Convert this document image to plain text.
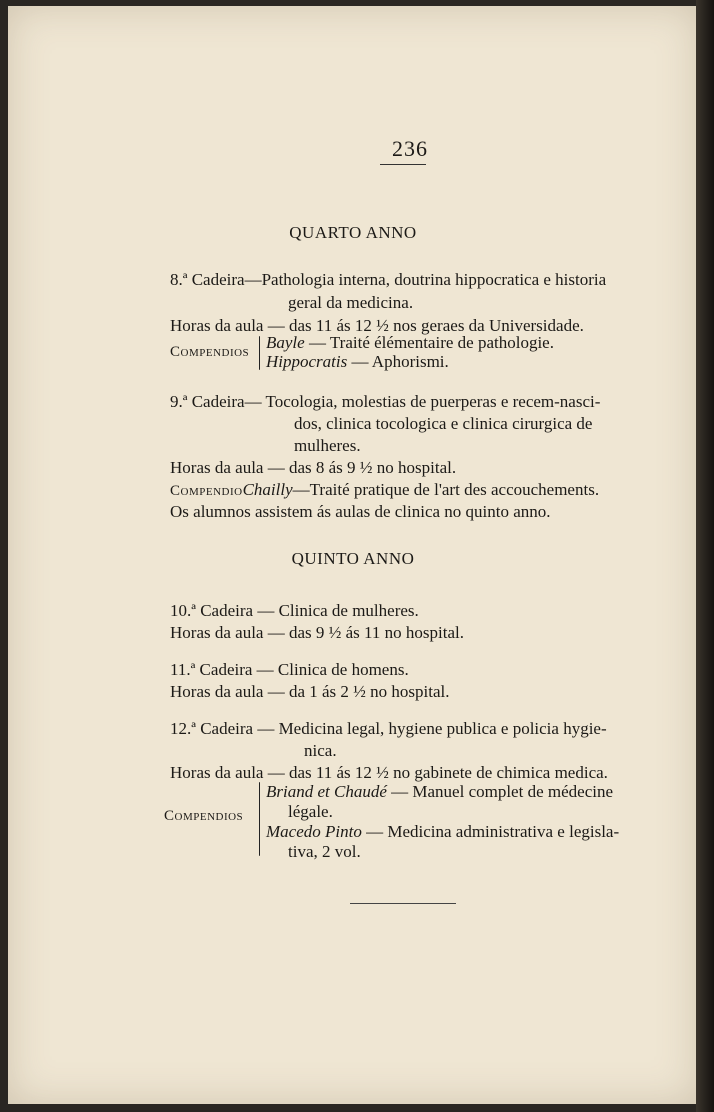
236
QUARTO ANNO
8.ª Cadeira—Pathologia interna, doutrina hippocratica e historia
geral da medicina.
Horas da aula — das 11 ás 12 ½ nos geraes da Universidade.
Compendios Bayle — Traité élémentaire de pathologie.
Hippocratis — Aphorismi.
9.ª Cadeira— Tocologia, molestias de puerperas e recem-nasci-
dos, clinica tocologica e clinica cirurgica de
mulheres.
Horas da aula — das 8 ás 9 ½ no hospital.
CompendioChailly—Traité pratique de l'art des accouchements.
Os alumnos assistem ás aulas de clinica no quinto anno.
QUINTO ANNO
10.ª Cadeira — Clinica de mulheres.
Horas da aula — das 9 ½ ás 11 no hospital.
11.ª Cadeira — Clinica de homens.
Horas da aula — da 1 ás 2 ½ no hospital.
12.ª Cadeira — Medicina legal, hygiene publica e policia hygie-
nica.
Horas da aula — das 11 ás 12 ½ no gabinete de chimica medica.
Compendios
Briand et Chaudé — Manuel complet de médecine
légale.
Macedo Pinto — Medicina administrativa e legisla-
tiva, 2 vol.
